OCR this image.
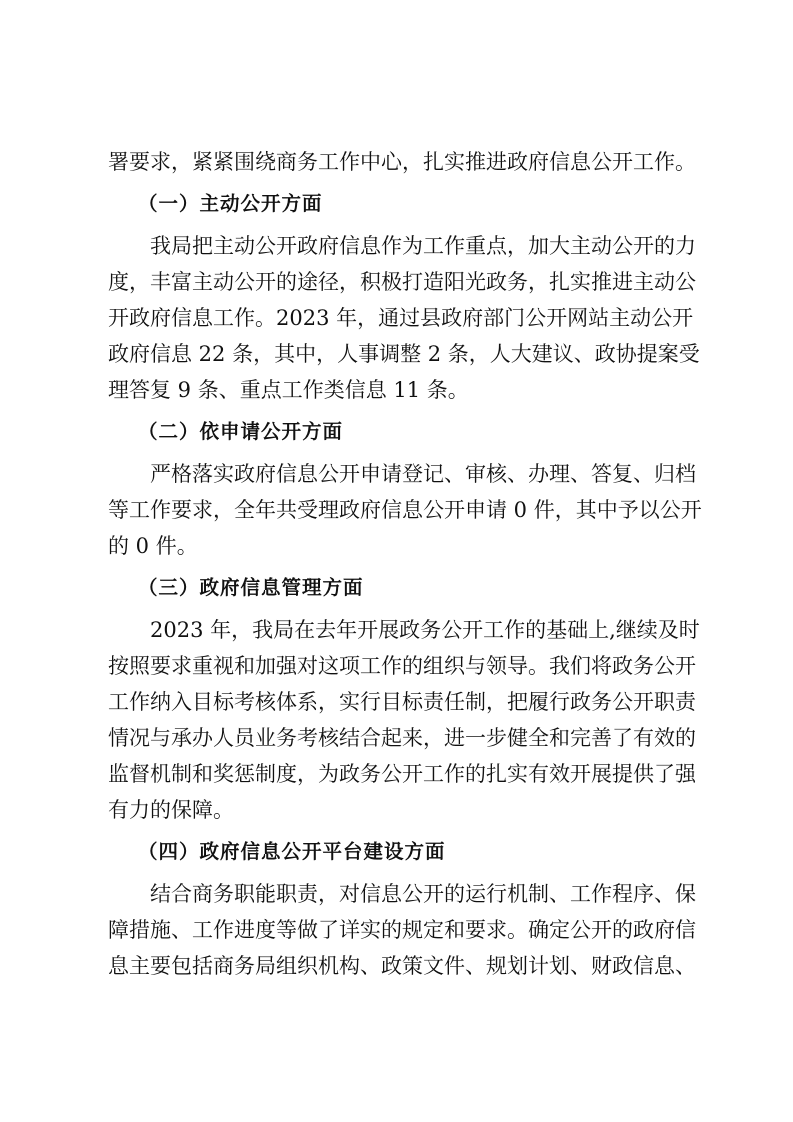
署要求，紧紧围绕商务工作中心，扎实推进政府信息公开工作。
（一）主动公开方面
我局把主动公开政府信息作为工作重点，加大主动公开的力
度，丰富主动公开的途径，积极打造阳光政务，扎实推进主动公
开政府信息工作。2023 年，通过县政府部门公开网站主动公开
政府信息 22 条，其中，人事调整 2 条，人大建议、政协提案受
理答复 9 条、重点工作类信息 11 条。
（二）依申请公开方面
严格落实政府信息公开申请登记、审核、办理、答复、归档
等工作要求，全年共受理政府信息公开申请 0 件，其中予以公开
的 0 件。
（三）政府信息管理方面
2023 年，我局在去年开展政务公开工作的基础上,继续及时
按照要求重视和加强对这项工作的组织与领导。我们将政务公开
工作纳入目标考核体系，实行目标责任制，把履行政务公开职责
情况与承办人员业务考核结合起来，进一步健全和完善了有效的
监督机制和奖惩制度，为政务公开工作的扎实有效开展提供了强
有力的保障。
（四）政府信息公开平台建设方面
结合商务职能职责，对信息公开的运行机制、工作程序、保
障措施、工作进度等做了详实的规定和要求。确定公开的政府信
息主要包括商务局组织机构、政策文件、规划计划、财政信息、
